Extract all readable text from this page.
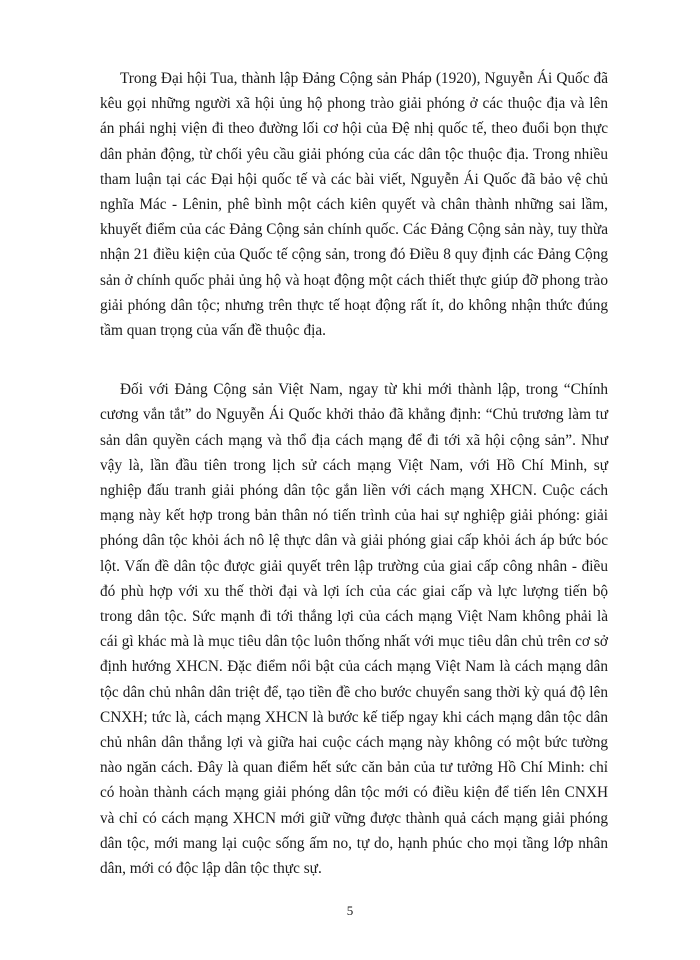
Trong Đại hội Tua, thành lập Đảng Cộng sản Pháp (1920), Nguyễn Ái Quốc đã kêu gọi những người xã hội ủng hộ phong trào giải phóng ở các thuộc địa và lên án phái nghị viện đi theo đường lối cơ hội của Đệ nhị quốc tế, theo đuổi bọn thực dân phản động, từ chối yêu cầu giải phóng của các dân tộc thuộc địa. Trong nhiều tham luận tại các Đại hội quốc tế và các bài viết, Nguyễn Ái Quốc đã bảo vệ chủ nghĩa Mác - Lênin, phê bình một cách kiên quyết và chân thành những sai lầm, khuyết điểm của các Đảng Cộng sản chính quốc. Các Đảng Cộng sản này, tuy thừa nhận 21 điều kiện của Quốc tế cộng sản, trong đó Điều 8 quy định các Đảng Cộng sản ở chính quốc phải ủng hộ và hoạt động một cách thiết thực giúp đỡ phong trào giải phóng dân tộc; nhưng trên thực tế hoạt động rất ít, do không nhận thức đúng tầm quan trọng của vấn đề thuộc địa.

Đối với Đảng Cộng sản Việt Nam, ngay từ khi mới thành lập, trong “Chính cương vắn tắt” do Nguyễn Ái Quốc khởi thảo đã khẳng định: “Chủ trương làm tư sản dân quyền cách mạng và thổ địa cách mạng để đi tới xã hội cộng sản”. Như vậy là, lần đầu tiên trong lịch sử cách mạng Việt Nam, với Hồ Chí Minh, sự nghiệp đấu tranh giải phóng dân tộc gắn liền với cách mạng XHCN. Cuộc cách mạng này kết hợp trong bản thân nó tiến trình của hai sự nghiệp giải phóng: giải phóng dân tộc khỏi ách nô lệ thực dân và giải phóng giai cấp khỏi ách áp bức bóc lột. Vấn đề dân tộc được giải quyết trên lập trường của giai cấp công nhân - điều đó phù hợp với xu thế thời đại và lợi ích của các giai cấp và lực lượng tiến bộ trong dân tộc. Sức mạnh đi tới thắng lợi của cách mạng Việt Nam không phải là cái gì khác mà là mục tiêu dân tộc luôn thống nhất với mục tiêu dân chủ trên cơ sở định hướng XHCN. Đặc điểm nổi bật của cách mạng Việt Nam là cách mạng dân tộc dân chủ nhân dân triệt để, tạo tiền đề cho bước chuyển sang thời kỳ quá độ lên CNXH; tức là, cách mạng XHCN là bước kế tiếp ngay khi cách mạng dân tộc dân chủ nhân dân thắng lợi và giữa hai cuộc cách mạng này không có một bức tường nào ngăn cách. Đây là quan điểm hết sức căn bản của tư tưởng Hồ Chí Minh: chỉ có hoàn thành cách mạng giải phóng dân tộc mới có điều kiện để tiến lên CNXH và chỉ có cách mạng XHCN mới giữ vững được thành quả cách mạng giải phóng dân tộc, mới mang lại cuộc sống ấm no, tự do, hạnh phúc cho mọi tầng lớp nhân dân, mới có độc lập dân tộc thực sự.

5
